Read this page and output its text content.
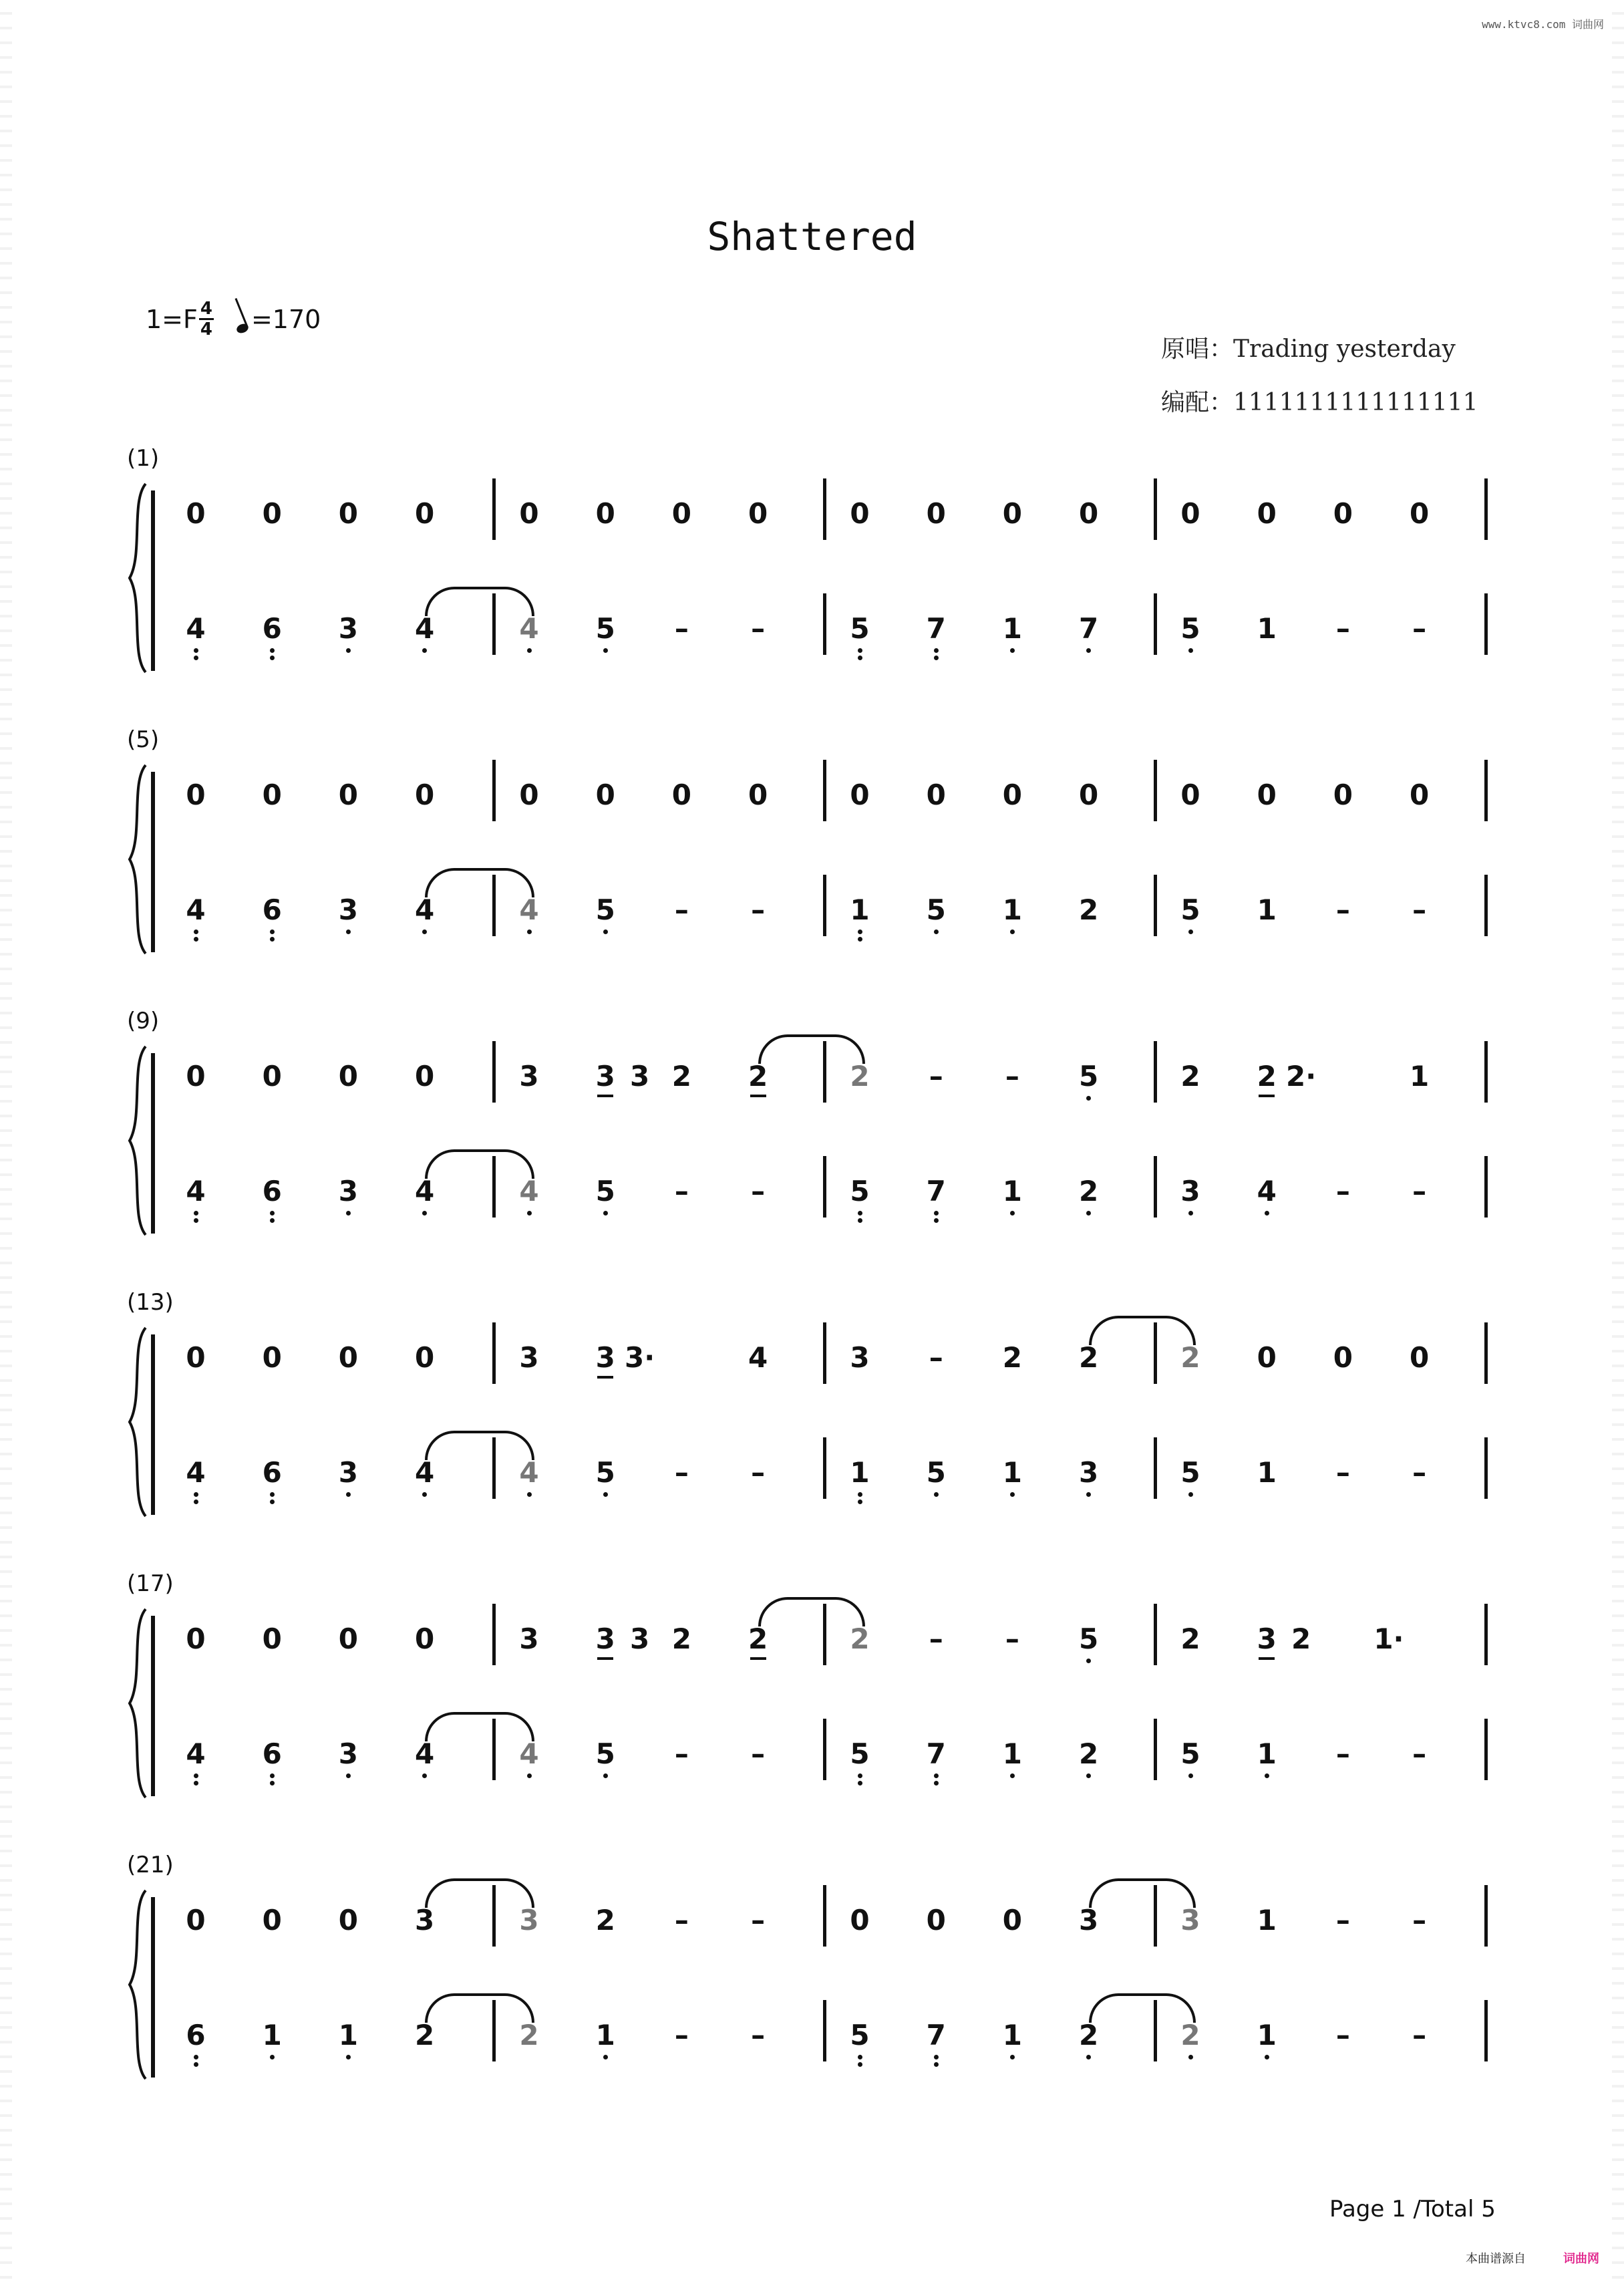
www.ktvc8.com 词曲网
Shattered
$1=F \frac{4}{4} =170$
原唱：Trading yesterday
编配：1111111111111111
(1)
0	0	0	0	0	0	0	0	0	0	0	0	0	0	0	0
4	6	3	4	4	5	–	–	5	7	1	7	5	1	–	–
(5)
0	0	0	0	0	0	0	0	0	0	0	0	0	0	0	0
4	6	3	4	4	5	–	–	1	5	1	2	5	1	–	–
(9)
0	0	0	0	3	3 3 2	2	2	–	–	5	2	2 2·	1
4	6	3	4	4	5	–	–	5	7	1	2	3	4	–	–
(13)
0	0	0	0	3	3 3·	4	3	–	2	2	2	0	0	0
4	6	3	4	4	5	–	–	1	5	1	3	5	1	–	–
(17)
0	0	0	0	3	3 3 2	2	2	–	–	5	2	3 2	1·
4	6	3	4	4	5	–	–	5	7	1	2	5	1	–	–
(21)
0	0	0	3	3	2	–	–	0	0	0	3	3	1	–	–
6	1	1	2	2	1	–	–	5	7	1	2	2	1	–	–
Page 1 /Total 5
本曲谱源自	词曲网
